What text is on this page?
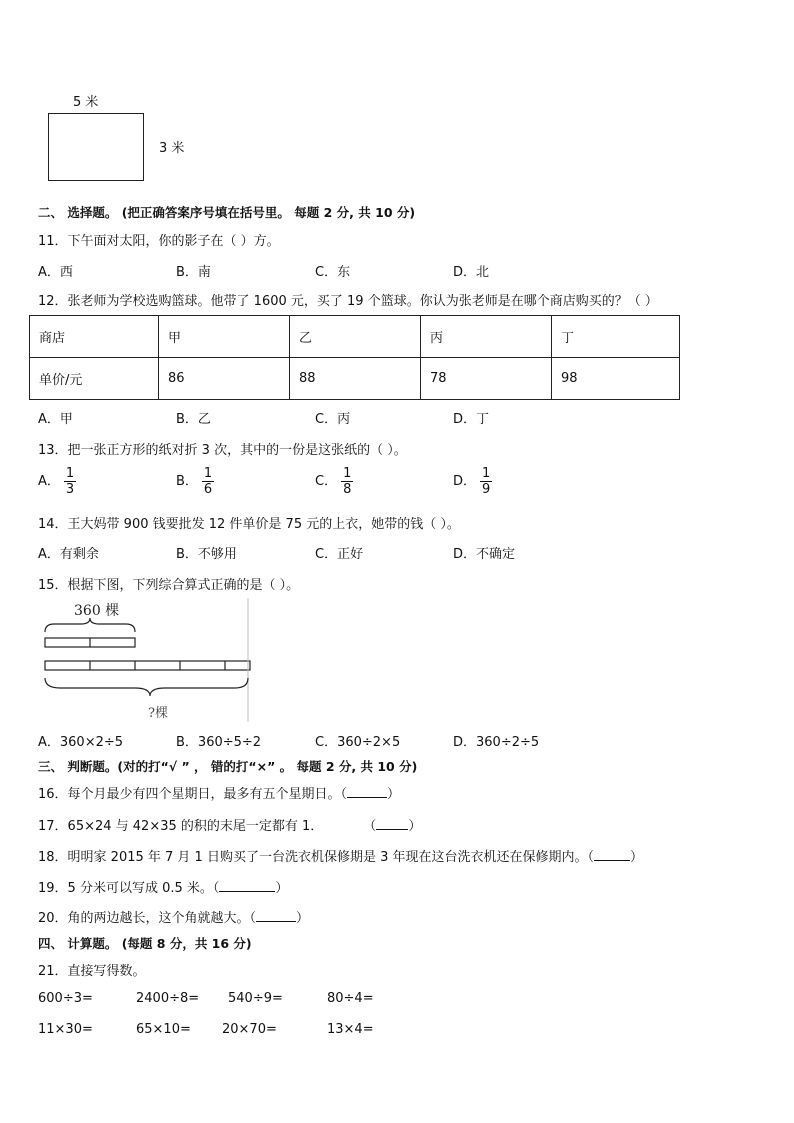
5 米
3 米
二、 选择题。 (把正确答案序号填在括号里。 每题 2 分, 共 10 分)
11．下午面对太阳，你的影子在（ ）方。
A．西	B．南	C．东	D．北
12．张老师为学校选购篮球。他带了 1600 元，买了 19 个篮球。你认为张老师是在哪个商店购买的？（ ）
商店	甲	乙	丙	丁
单价/元	86	88	78	98
A．甲	B．乙	C．丙	D．丁
13．把一张正方形的纸对折 3 次，其中的一份是这张纸的（ ）。
A． $\frac{1}{3}$	B． $\frac{1}{6}$	C． $\frac{1}{8}$	D． $\frac{1}{9}$
14．王大妈带 900 钱要批发 12 件单价是 75 元的上衣，她带的钱（ ）。
A．有剩余	B．不够用	C．正好	D．不确定
15．根据下图，下列综合算式正确的是（ ）。
360 棵
?棵
A．360×2÷5	B．360÷5÷2	C．360÷2×5	D．360÷2÷5
三、 判断题。(对的打“√ ” ， 错的打“×” 。 每题 2 分, 共 10 分)
16．每个月最少有四个星期日，最多有五个星期日。（	）
17．65×24 与 42×35 的积的末尾一定都有 1．	（ ）
18．明明家 2015 年 7 月 1 日购买了一台洗衣机保修期是 3 年现在这台洗衣机还在保修期内。（	）
19．5 分米可以写成 0.5 米。（	）
20．角的两边越长，这个角就越大。（	）
四、 计算题。 (每题 8 分，共 16 分)
21．直接写得数。
600÷3=	2400÷8= 540÷9=	80÷4=
11×30=	65×10= 20×70=	13×4=
